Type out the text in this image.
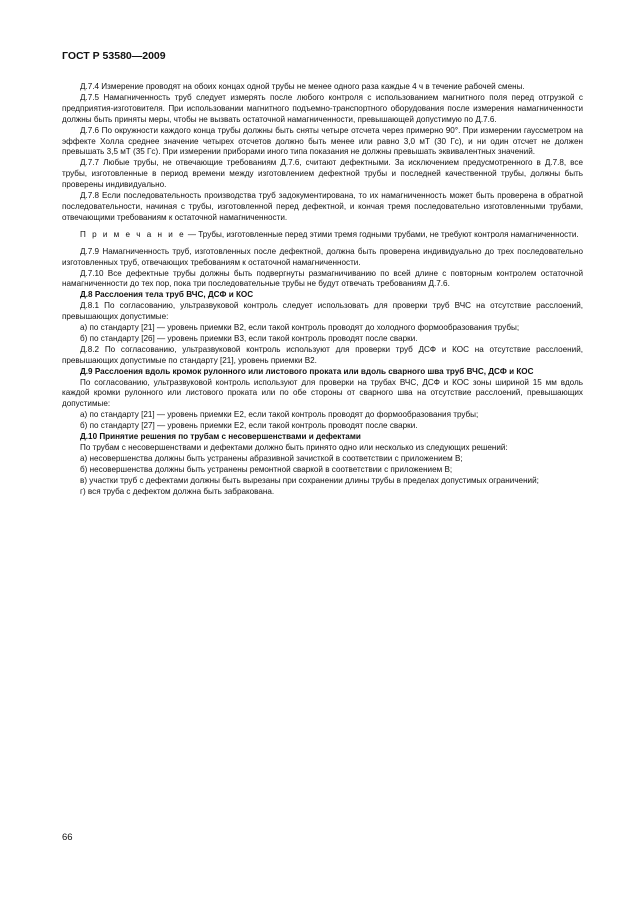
ГОСТ Р 53580—2009

Д.7.4 Измерение проводят на обоих концах одной трубы не менее одного раза каждые 4 ч в течение рабочей смены.

Д.7.5 Намагниченность труб следует измерять после любого контроля с использованием магнитного поля перед отгрузкой с предприятия-изготовителя. При использовании магнитного подъемно-транспортного оборудования после измерения намагниченности должны быть приняты меры, чтобы не вызвать остаточной намагниченности, превышающей допустимую по Д.7.6.

Д.7.6 По окружности каждого конца трубы должны быть сняты четыре отсчета через примерно 90°. При измерении гауссметром на эффекте Холла среднее значение четырех отсчетов должно быть менее или равно 3,0 мТ (30 Гс), и ни один отсчет не должен превышать 3,5 мТ (35 Гс). При измерении приборами иного типа показания не должны превышать эквивалентных значений.

Д.7.7 Любые трубы, не отвечающие требованиям Д.7.6, считают дефектными. За исключением предусмотренного в Д.7.8, все трубы, изготовленные в период времени между изготовлением дефектной трубы и последней качественной трубы, должны быть проверены индивидуально.

Д.7.8 Если последовательность производства труб задокументирована, то их намагниченность может быть проверена в обратной последовательности, начиная с трубы, изготовленной перед дефектной, и кончая тремя последовательно изготовленными трубами, отвечающими требованиям к остаточной намагниченности.

П р и м е ч а н и е — Трубы, изготовленные перед этими тремя годными трубами, не требуют контроля намагниченности.

Д.7.9 Намагниченность труб, изготовленных после дефектной, должна быть проверена индивидуально до трех последовательно изготовленных труб, отвечающих требованиям к остаточной намагниченности.

Д.7.10 Все дефектные трубы должны быть подвергнуты размагничиванию по всей длине с повторным контролем остаточной намагниченности до тех пор, пока три последовательные трубы не будут отвечать требованиям Д.7.6.

Д.8 Расслоения тела труб ВЧС, ДСФ и КОС

Д.8.1 По согласованию, ультразвуковой контроль следует использовать для проверки труб ВЧС на отсутствие расслоений, превышающих допустимые:

а) по стандарту [21] — уровень приемки В2, если такой контроль проводят до холодного формообразования трубы;

б) по стандарту [26] — уровень приемки В3, если такой контроль проводят после сварки.

Д.8.2 По согласованию, ультразвуковой контроль используют для проверки труб ДСФ и КОС на отсутствие расслоений, превышающих допустимые по стандарту [21], уровень приемки В2.

Д.9 Расслоения вдоль кромок рулонного или листового проката или вдоль сварного шва труб ВЧС, ДСФ и КОС

По согласованию, ультразвуковой контроль используют для проверки на трубах ВЧС, ДСФ и КОС зоны шириной 15 мм вдоль каждой кромки рулонного или листового проката или по обе стороны от сварного шва на отсутствие расслоений, превышающих допустимые:

а) по стандарту [21] — уровень приемки Е2, если такой контроль проводят до формообразования трубы;

б) по стандарту [27] — уровень приемки Е2, если такой контроль проводят после сварки.

Д.10 Принятие решения по трубам с несовершенствами и дефектами

По трубам с несовершенствами и дефектами должно быть принято одно или несколько из следующих решений:

а) несовершенства должны быть устранены абразивной зачисткой в соответствии с приложением В;

б) несовершенства должны быть устранены ремонтной сваркой в соответствии с приложением В;

в) участки труб с дефектами должны быть вырезаны при сохранении длины трубы в пределах допустимых ограничений;

г) вся труба с дефектом должна быть забракована.

66
